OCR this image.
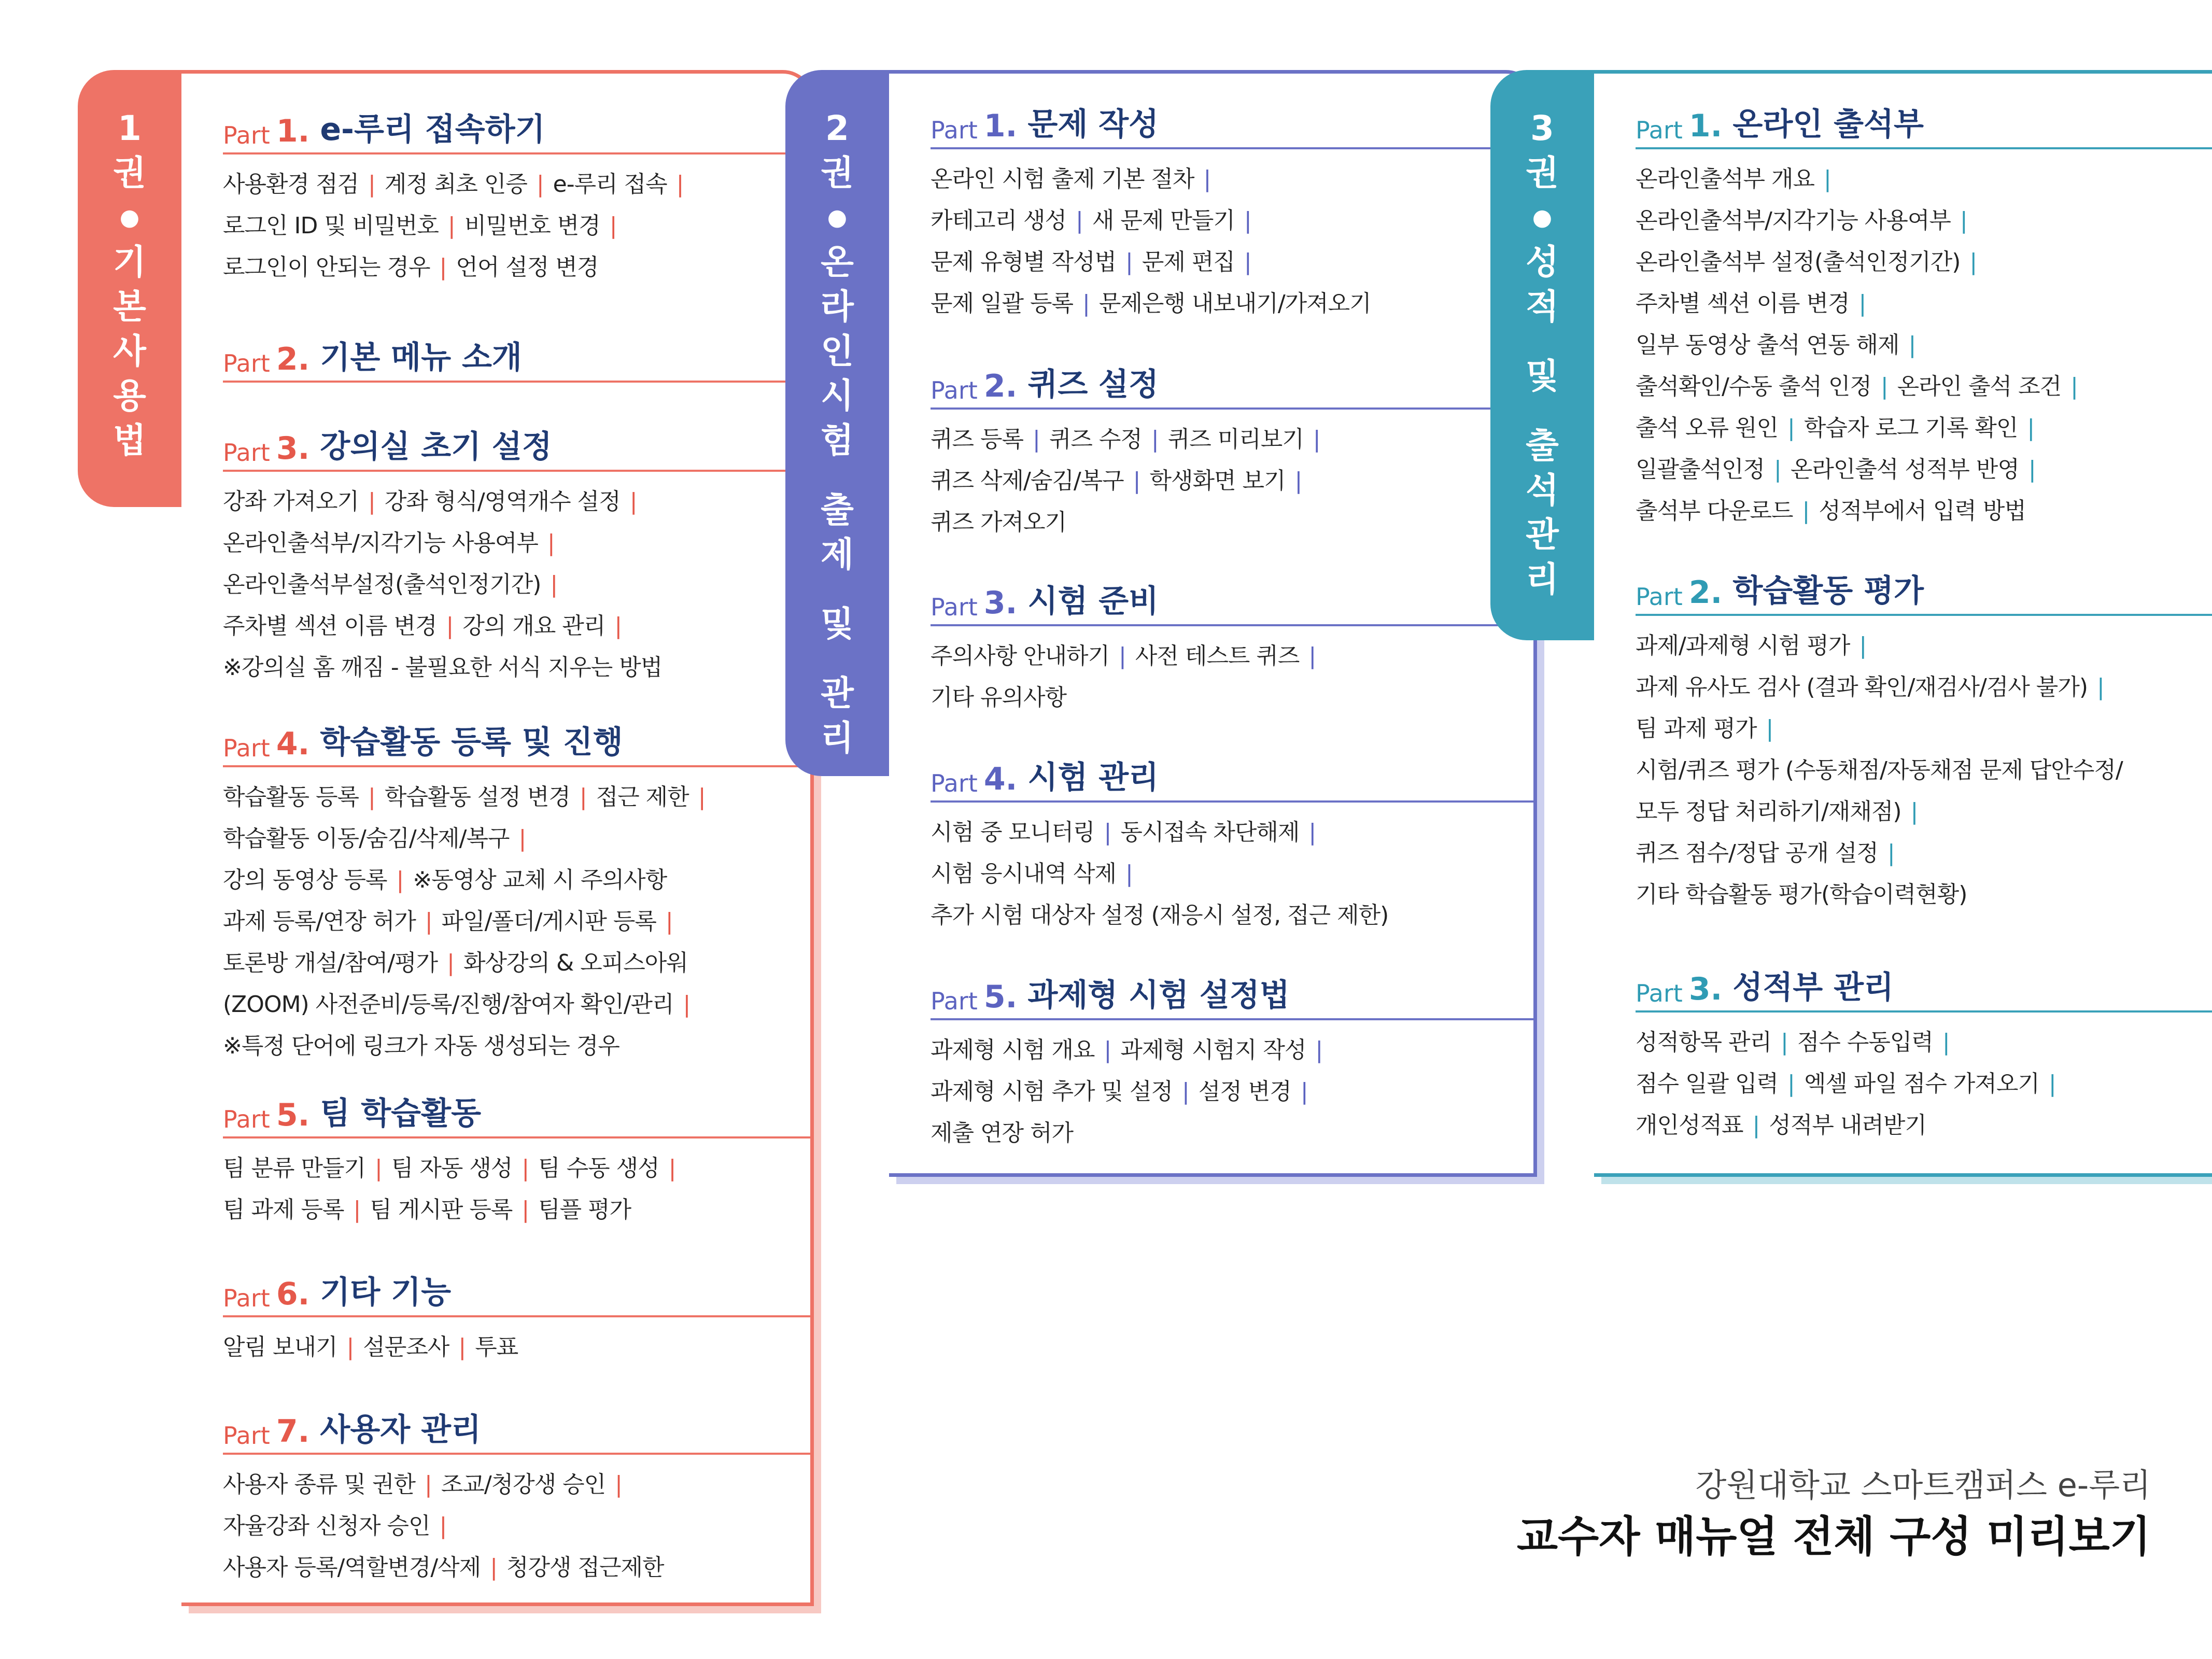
1
권
●
기
본
사
용
법
Part 1. e-루리 접속하기
사용환경 점검 | 계정 최초 인증 | e-루리 접속 |
로그인 ID 및 비밀번호 | 비밀번호 변경 |
로그인이 안되는 경우 | 언어 설정 변경
Part 2. 기본 메뉴 소개
Part 3. 강의실 초기 설정
강좌 가져오기 | 강좌 형식/영역개수 설정 |
온라인출석부/지각기능 사용여부 |
온라인출석부설정(출석인정기간) |
주차별 섹션 이름 변경 | 강의 개요 관리 |
※강의실 홈 깨짐 - 불필요한 서식 지우는 방법
Part 4. 학습활동 등록 및 진행
학습활동 등록 | 학습활동 설정 변경 | 접근 제한 |
학습활동 이동/숨김/삭제/복구 |
강의 동영상 등록 | ※동영상 교체 시 주의사항
과제 등록/연장 허가 | 파일/폴더/게시판 등록 |
토론방 개설/참여/평가 | 화상강의 & 오피스아워
(ZOOM) 사전준비/등록/진행/참여자 확인/관리 |
※특정 단어에 링크가 자동 생성되는 경우
Part 5. 팀 학습활동
팀 분류 만들기 | 팀 자동 생성 | 팀 수동 생성 |
팀 과제 등록 | 팀 게시판 등록 | 팀플 평가
Part 6. 기타 기능
알림 보내기 | 설문조사 | 투표
Part 7. 사용자 관리
사용자 종류 및 권한 | 조교/청강생 승인 |
자율강좌 신청자 승인 |
사용자 등록/역할변경/삭제 | 청강생 접근제한
2
권
●
온
라
인
시
험
출
제
및
관
리
Part 1. 문제 작성
온라인 시험 출제 기본 절차 |
카테고리 생성 | 새 문제 만들기 |
문제 유형별 작성법 | 문제 편집 |
문제 일괄 등록 | 문제은행 내보내기/가져오기
Part 2. 퀴즈 설정
퀴즈 등록 | 퀴즈 수정 | 퀴즈 미리보기 |
퀴즈 삭제/숨김/복구 | 학생화면 보기 |
퀴즈 가져오기
Part 3. 시험 준비
주의사항 안내하기 | 사전 테스트 퀴즈 |
기타 유의사항
Part 4. 시험 관리
시험 중 모니터링 | 동시접속 차단해제 |
시험 응시내역 삭제 |
추가 시험 대상자 설정 (재응시 설정, 접근 제한)
Part 5. 과제형 시험 설정법
과제형 시험 개요 | 과제형 시험지 작성 |
과제형 시험 추가 및 설정 | 설정 변경 |
제출 연장 허가
3
권
●
성
적
및
출
석
관
리
Part 1. 온라인 출석부
온라인출석부 개요 |
온라인출석부/지각기능 사용여부 |
온라인출석부 설정(출석인정기간) |
주차별 섹션 이름 변경 |
일부 동영상 출석 연동 해제 |
출석확인/수동 출석 인정 | 온라인 출석 조건 |
출석 오류 원인 | 학습자 로그 기록 확인 |
일괄출석인정 | 온라인출석 성적부 반영 |
출석부 다운로드 | 성적부에서 입력 방법
Part 2. 학습활동 평가
과제/과제형 시험 평가 |
과제 유사도 검사 (결과 확인/재검사/검사 불가) |
팀 과제 평가 |
시험/퀴즈 평가 (수동채점/자동채점 문제 답안수정/
모두 정답 처리하기/재채점) |
퀴즈 점수/정답 공개 설정 |
기타 학습활동 평가(학습이력현황)
Part 3. 성적부 관리
성적항목 관리 | 점수 수동입력 |
점수 일괄 입력 | 엑셀 파일 점수 가져오기 |
개인성적표 | 성적부 내려받기
강원대학교 스마트캠퍼스 e-루리
교수자 매뉴얼 전체 구성 미리보기
